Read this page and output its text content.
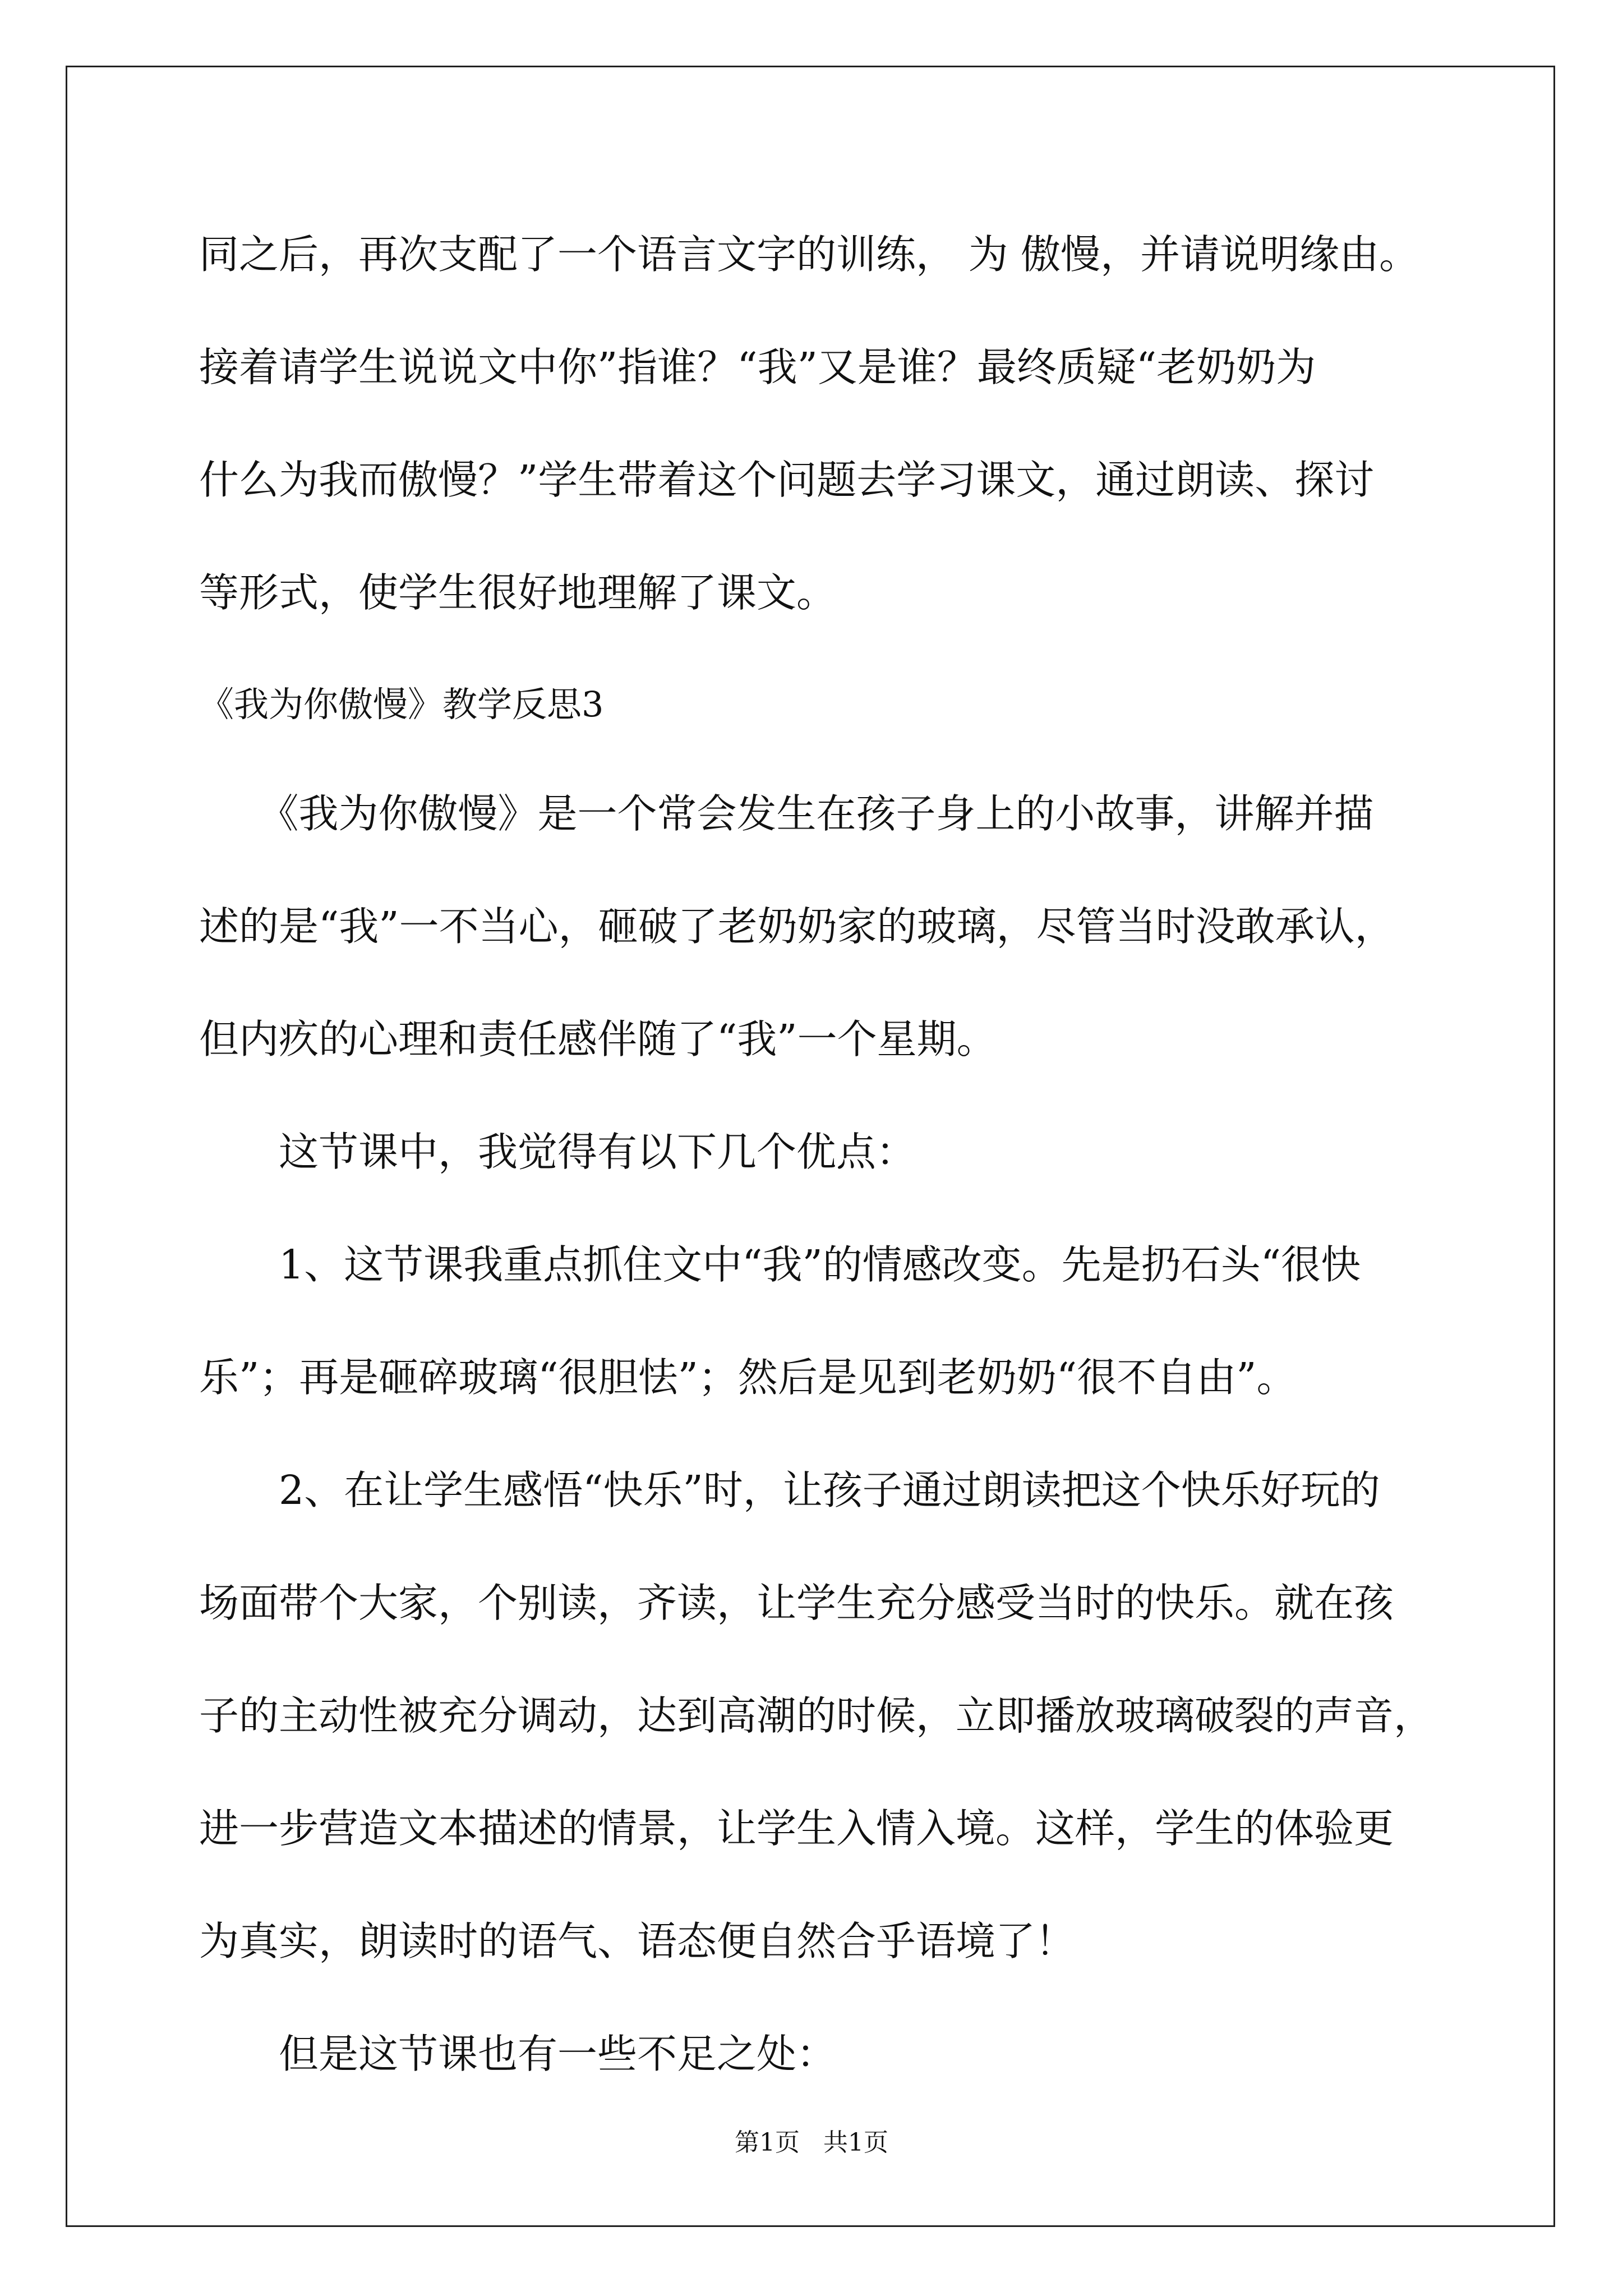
同之后，再次支配了一个语言文字的训练， 为 傲慢，并请说明缘由。
接着请学生说说文中你”指谁？“我”又是谁？最终质疑“老奶奶为
什么为我而傲慢？”学生带着这个问题去学习课文，通过朗读、探讨
等形式，使学生很好地理解了课文。
《我为你傲慢》教学反思3
　　《我为你傲慢》是一个常会发生在孩子身上的小故事，讲解并描
述的是“我”一不当心，砸破了老奶奶家的玻璃，尽管当时没敢承认，
但内疚的心理和责任感伴随了“我”一个星期。
　　这节课中，我觉得有以下几个优点：
　　1、这节课我重点抓住文中“我”的情感改变。先是扔石头“很快
乐”；再是砸碎玻璃“很胆怯”；然后是见到老奶奶“很不自由”。
　　2、在让学生感悟“快乐”时，让孩子通过朗读把这个快乐好玩的
场面带个大家，个别读，齐读，让学生充分感受当时的快乐。就在孩
子的主动性被充分调动，达到高潮的时候，立即播放玻璃破裂的声音，
进一步营造文本描述的情景，让学生入情入境。这样，学生的体验更
为真实，朗读时的语气、语态便自然合乎语境了！
　　但是这节课也有一些不足之处：
第1页   共1页
